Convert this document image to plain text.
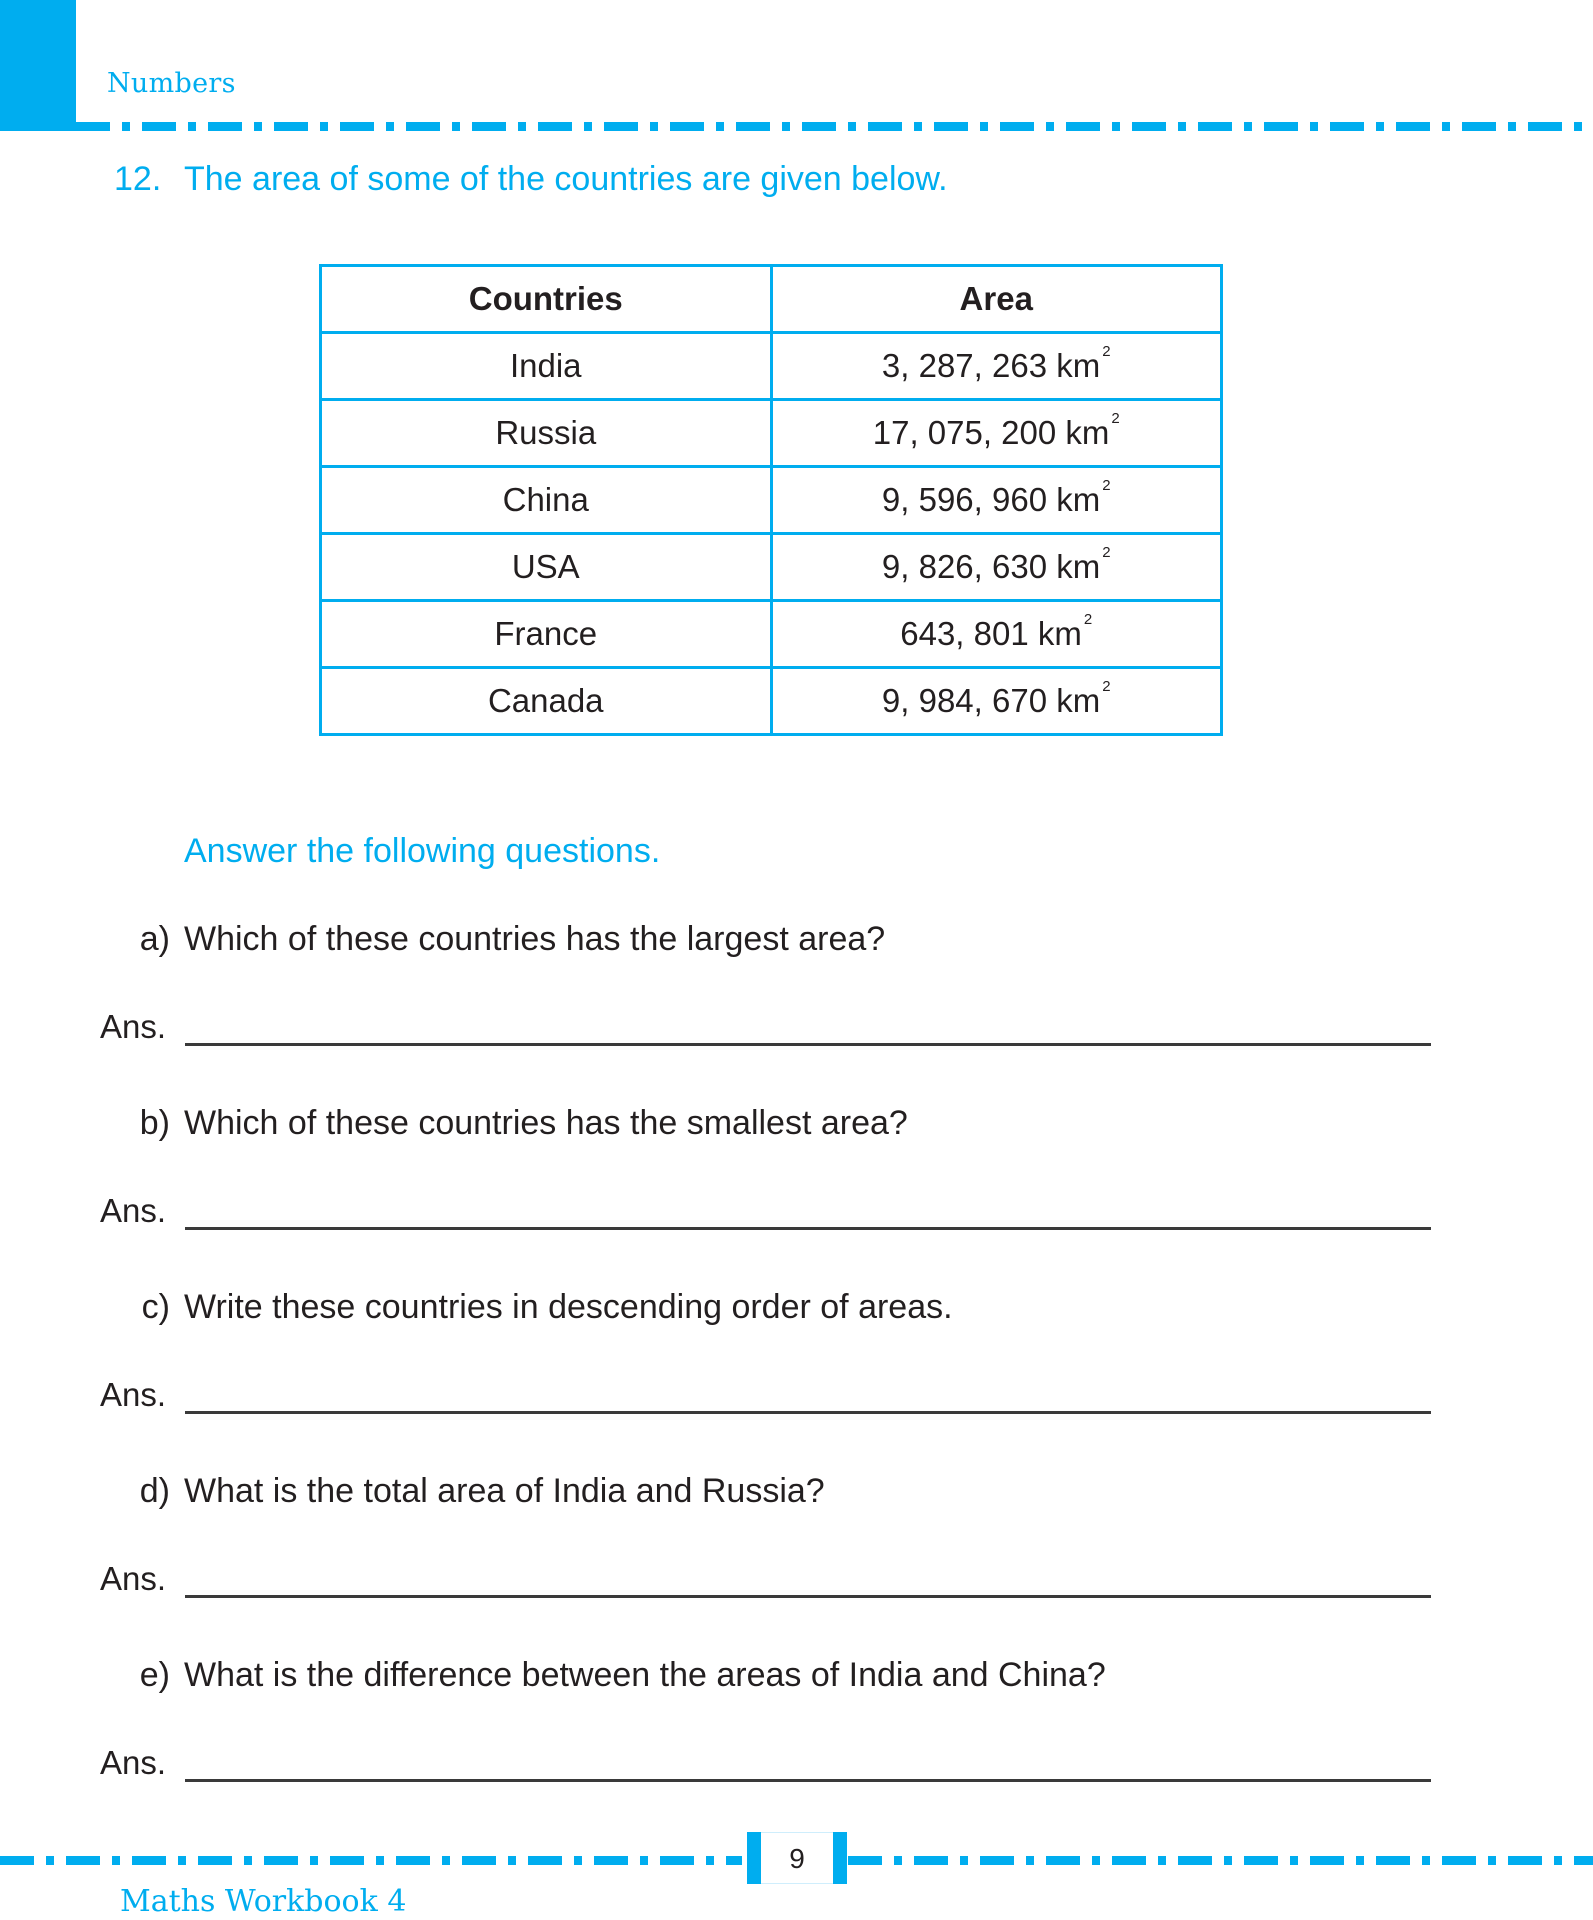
Numbers
12. The area of some of the countries are given below.
Countries	Area
India	3, 287, 263 km $^2$
Russia	17, 075, 200 km $^2$
China	9, 596, 960 km $^2$
USA	9, 826, 630 km $^2$
France	643, 801 km $^2$
Canada	9, 984, 670 km $^2$
Answer the following questions.
a) Which of these countries has the largest area?
Ans.
b) Which of these countries has the smallest area?
Ans.
c) Write these countries in descending order of areas.
Ans.
d) What is the total area of India and Russia?
Ans.
e) What is the difference between the areas of India and China?
Ans.
9
Maths Workbook 4
